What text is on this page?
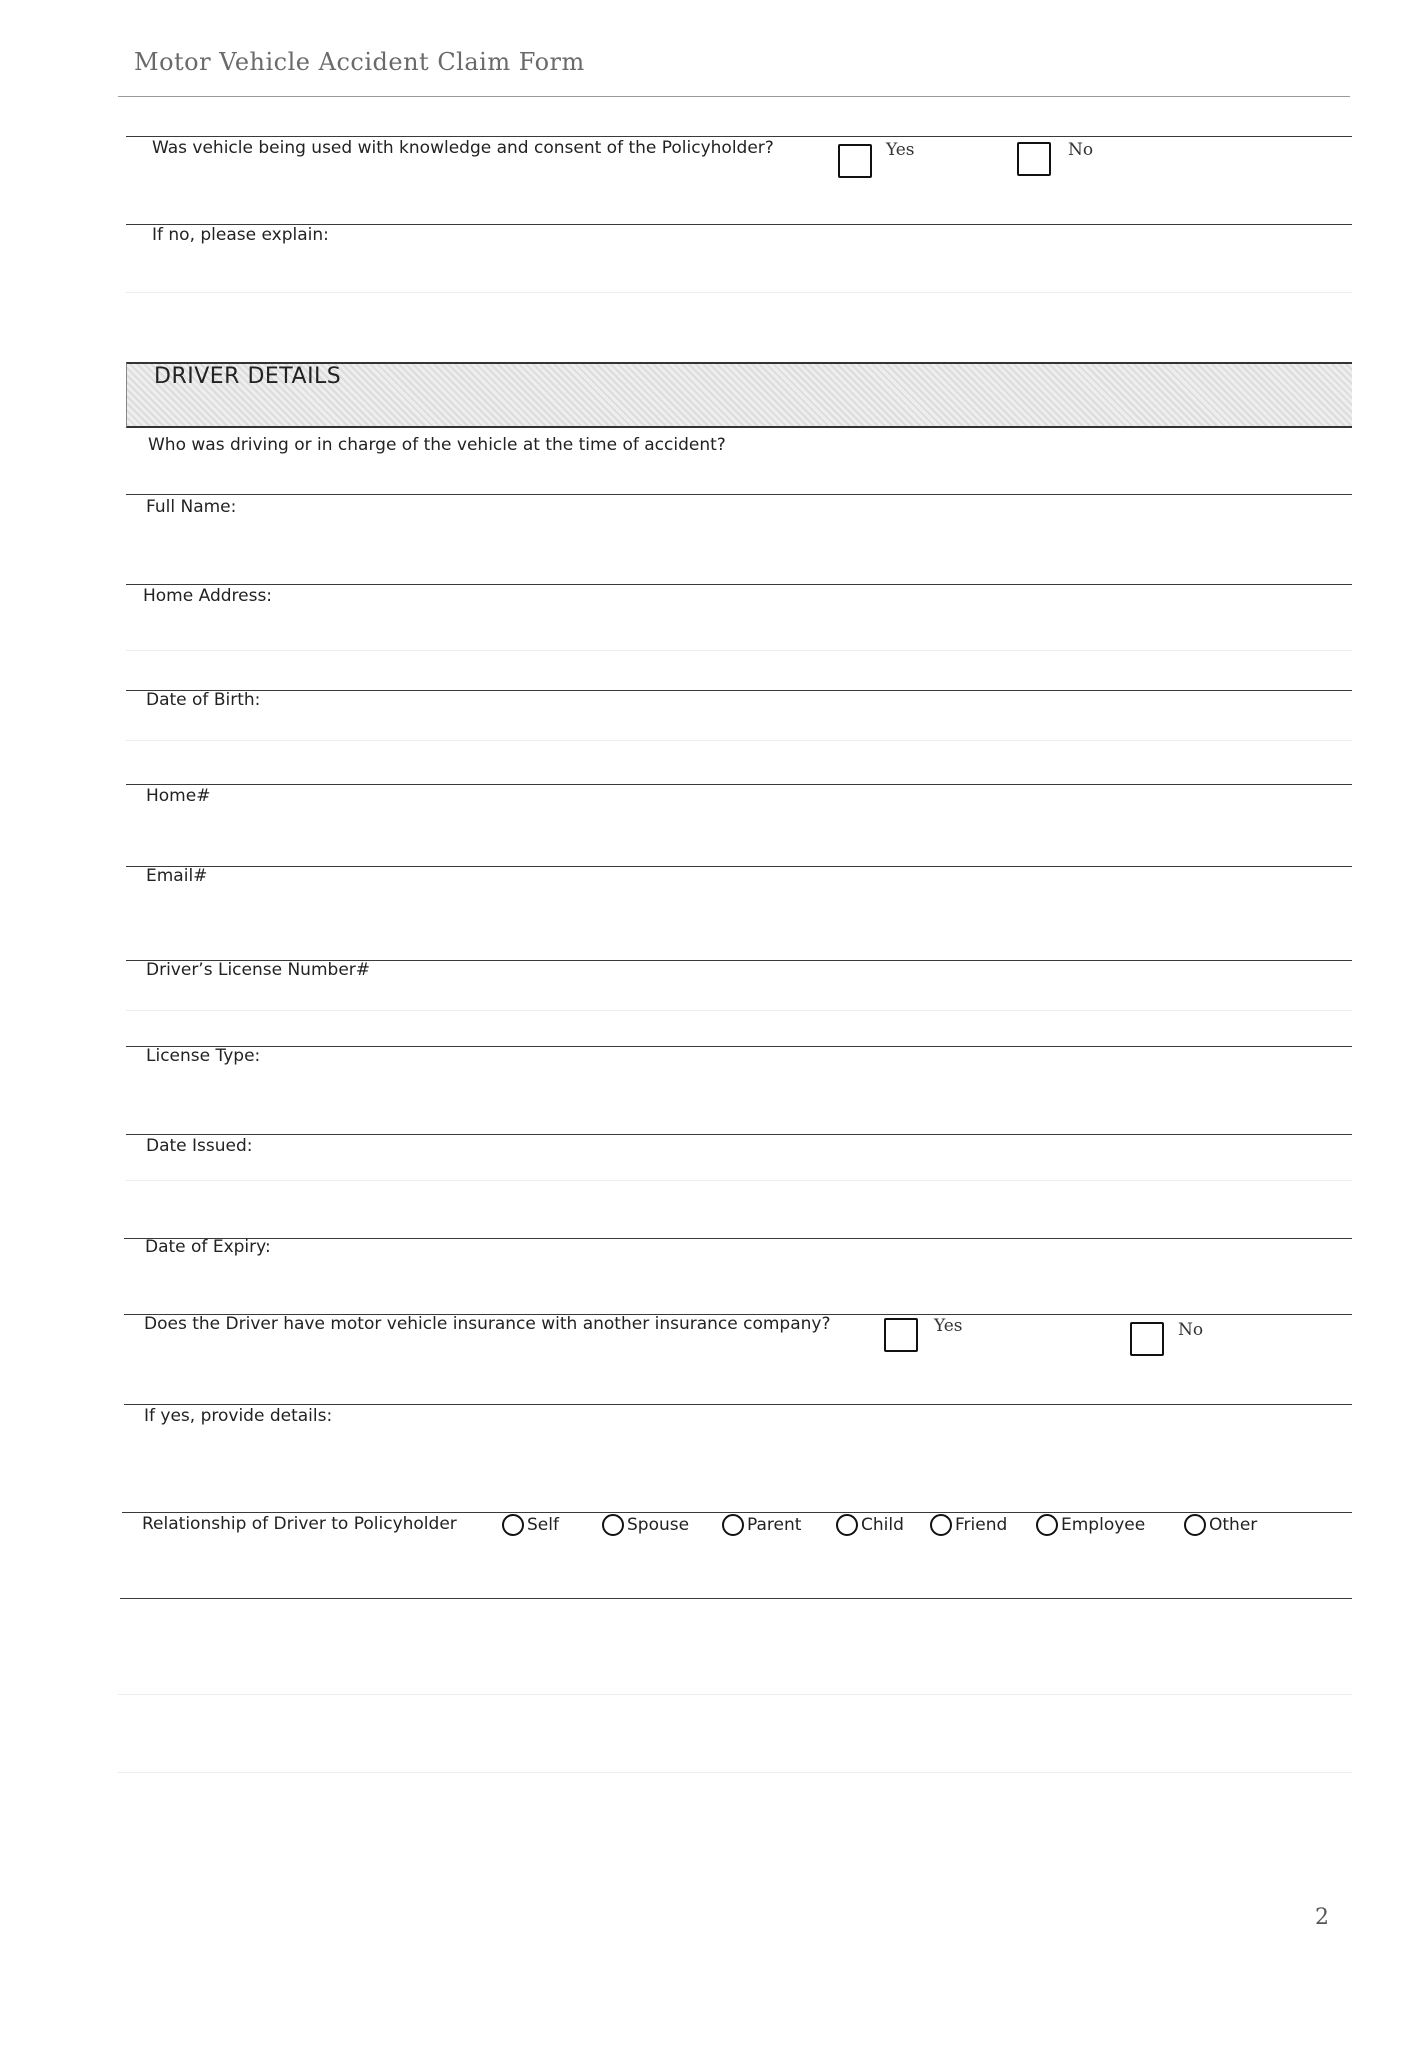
Motor Vehicle Accident Claim Form
Was vehicle being used with knowledge and consent of the Policyholder?	Yes	No
If no, please explain:
DRIVER DETAILS
Who was driving or in charge of the vehicle at the time of accident?
Full Name:
Home Address:
Date of Birth:
Home#
Email#
Driver’s License Number#
License Type:
Date Issued:
Date of Expiry:
Does the Driver have motor vehicle insurance with another insurance company?	Yes	No
If yes, provide details:
Relationship of Driver to Policyholder	Self	Spouse	Parent	Child	Friend	Employee	Other
2
